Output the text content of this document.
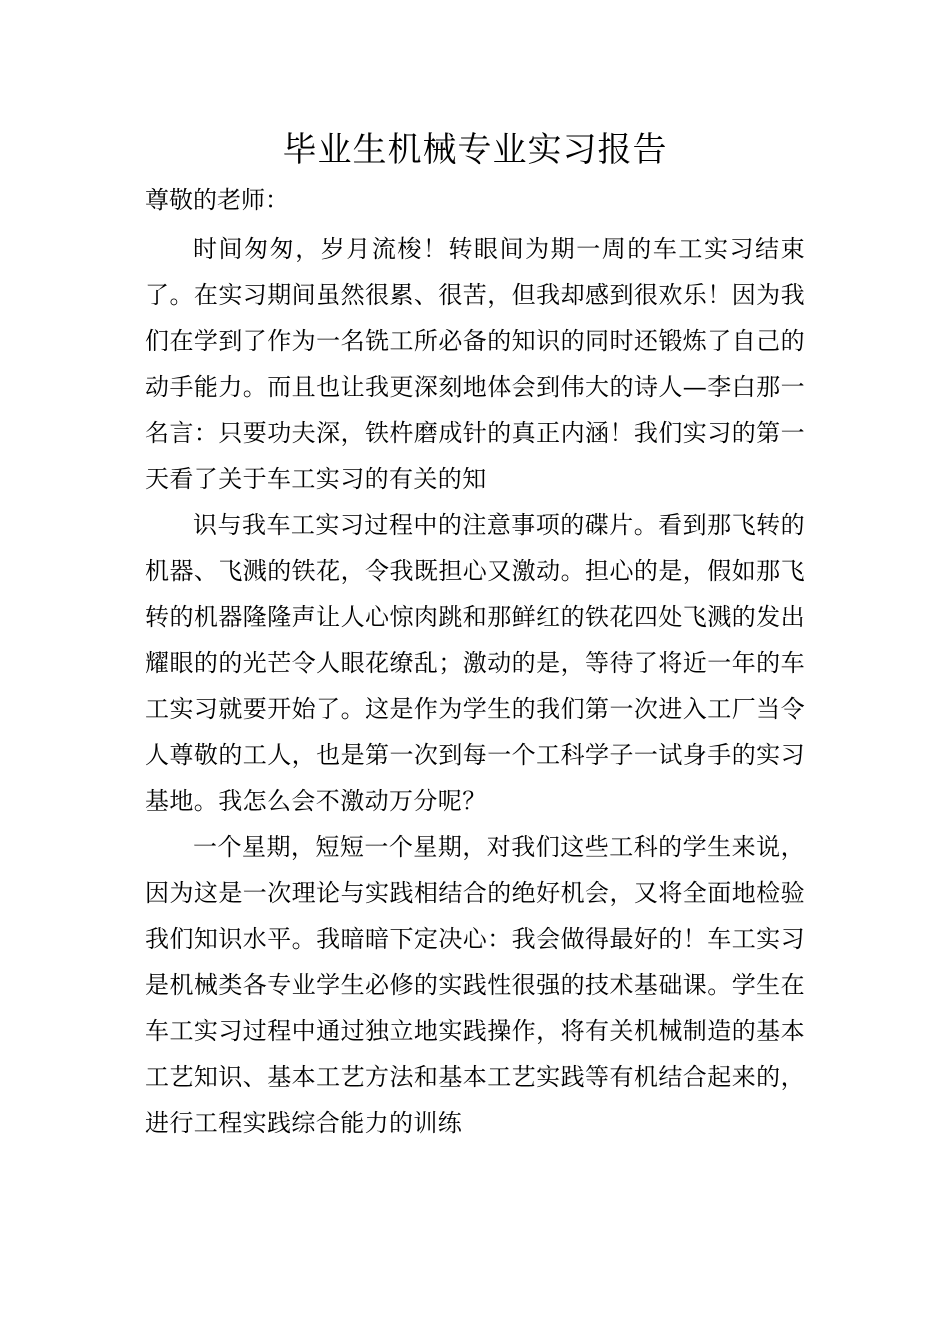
毕业生机械专业实习报告
尊敬的老师：

时间匆匆，岁月流梭！转眼间为期一周的车工实习结束了。在实习期间虽然很累、很苦，但我却感到很欢乐！因为我们在学到了作为一名铣工所必备的知识的同时还锻炼了自己的动手能力。而且也让我更深刻地体会到伟大的诗人—李白那一名言：只要功夫深，铁杵磨成针的真正内涵！我们实习的第一天看了关于车工实习的有关的知

识与我车工实习过程中的注意事项的碟片。看到那飞转的机器、飞溅的铁花，令我既担心又激动。担心的是，假如那飞转的机器隆隆声让人心惊肉跳和那鲜红的铁花四处飞溅的发出耀眼的的光芒令人眼花缭乱；激动的是，等待了将近一年的车工实习就要开始了。这是作为学生的我们第一次进入工厂当令人尊敬的工人，也是第一次到每一个工科学子一试身手的实习基地。我怎么会不激动万分呢？

一个星期，短短一个星期，对我们这些工科的学生来说，因为这是一次理论与实践相结合的绝好机会，又将全面地检验我们知识水平。我暗暗下定决心：我会做得最好的！车工实习是机械类各专业学生必修的实践性很强的技术基础课。学生在车工实习过程中通过独立地实践操作，将有关机械制造的基本工艺知识、基本工艺方法和基本工艺实践等有机结合起来的，进行工程实践综合能力的训练
